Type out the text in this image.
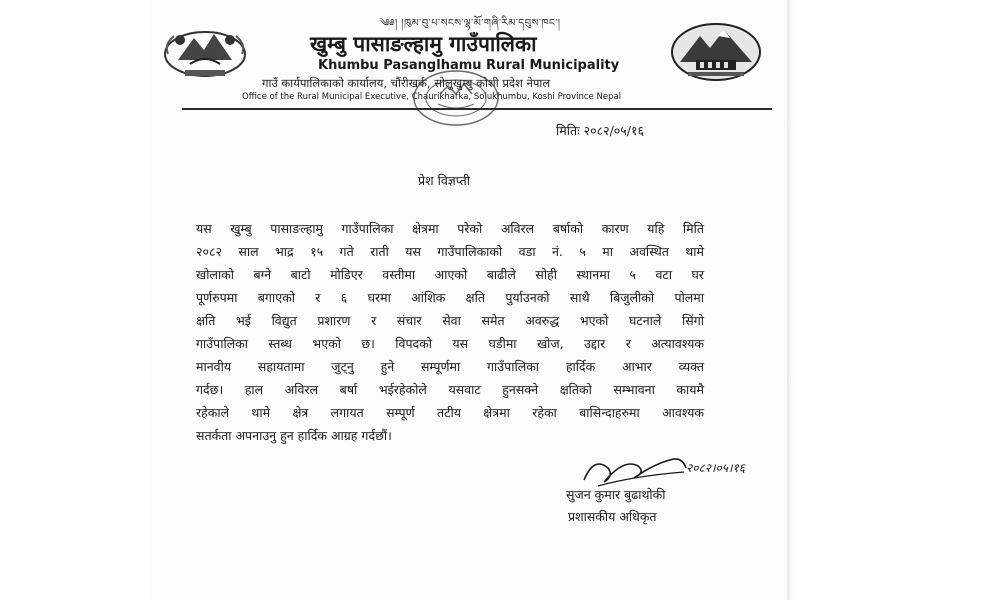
༄༅། །ཁུམ་བུ་པ་སངས་ལྷ་མོ་གཞི་རིམ་དབུས་ཁང་།
खुम्बु पासाङल्हामु गाउँपालिका
Khumbu Pasanglhamu Rural Municipality
गाउँ कार्यपालिकाको कार्यालय, चौंरीखर्क, सोलुखुम्बु कोशी प्रदेश नेपाल
Office of the Rural Municipal Executive, Chaurikharka, Solukhumbu, Koshi Province Nepal
मितिः २०८२/०५/१६
प्रेश विज्ञप्ती
यस खुम्बु पासाङल्हामु गाउँपालिका क्षेत्रमा परेको अविरल बर्षाको कारण यहि मिति
२०८२ साल भाद्र १५ गते राती यस गाउँपालिकाको वडा नं. ५ मा अवस्थित थामे
खोलाको बग्ने बाटो मोडिएर वस्तीमा आएको बाढीले सोही स्थानमा ५ वटा घर
पूर्णरुपमा बगाएको र ६ घरमा आंशिक क्षति पुर्याउनको साथै बिजुलीको पोलमा
क्षति भई विद्युत प्रशारण र संचार सेवा समेत अवरुद्ध भएको घटनाले सिंगो
गाउँपालिका स्तब्ध भएको छ। विपदको यस घडीमा खोज, उद्दार र अत्यावश्यक
मानवीय सहायतामा जुट्नु हुने सम्पूर्णमा गाउँपालिका हार्दिक आभार व्यक्त
गर्दछ। हाल अविरल बर्षा भईरहेकोले यसवाट हुनसक्ने क्षतिको सम्भावना कायमै
रहेकाले थामे क्षेत्र लगायत सम्पूर्ण तटीय क्षेत्रमा रहेका बासिन्दाहरुमा आवश्यक
सतर्कता अपनाउनु हुन हार्दिक आग्रह गर्दछौं।
२०८२।०५।१६
सुजन कुमार बुढाथोकी
प्रशासकीय अधिकृत
